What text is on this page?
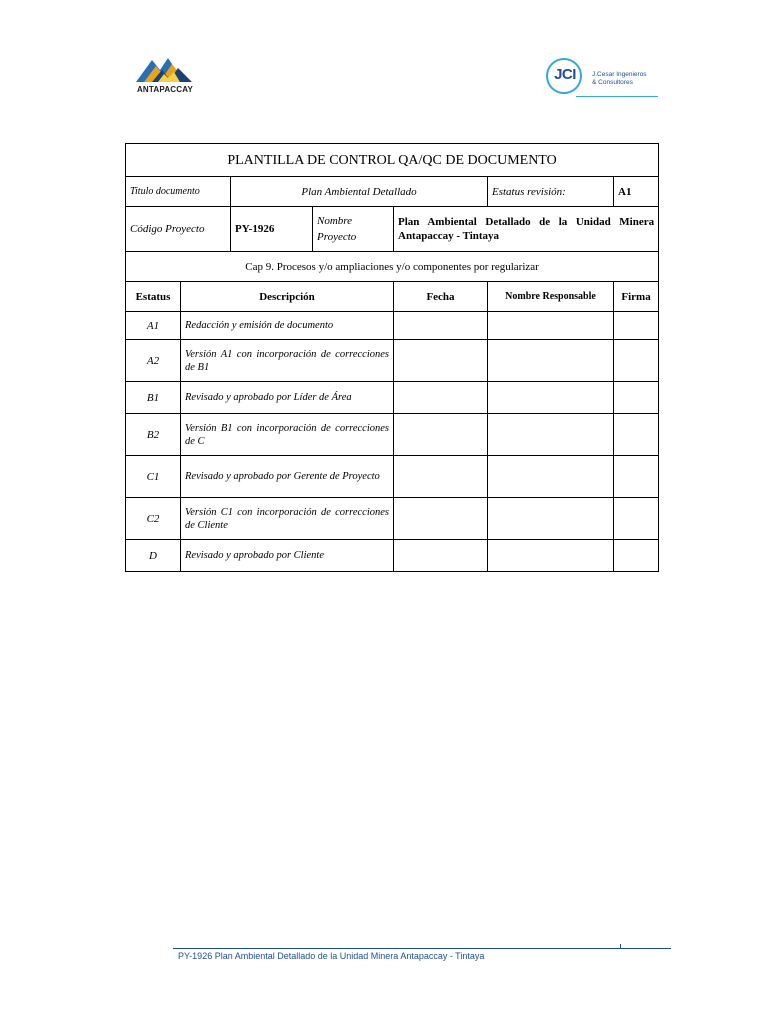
ANTAPACCAY
JCI	J.Cesar Ingenieros
& Consultores
PLANTILLA DE CONTROL QA/QC DE DOCUMENTO						
Titulo documento		Plan Ambiental Detallado			Estatus revisión:	A1
Código Proyecto		PY-1926	Nombre Proyecto	Plan Ambiental Detallado de la Unidad Minera Antapaccay - Tintaya		
Cap 9. Procesos y/o ampliaciones y/o componentes por regularizar						
Estatus	Descripción			Fecha	Nombre Responsable	Firma
A1	Redacción y emisión de documento					
A2	Versión A1 con incorporación de correcciones de B1					
B1	Revisado y aprobado por Líder de Área					
B2	Versión B1 con incorporación de correcciones de C					
C1	Revisado y aprobado por Gerente de Proyecto					
C2	Versión C1 con incorporación de correcciones de Cliente					
D	Revisado y aprobado por Cliente					
PY-1926 Plan Ambiental Detallado de la Unidad Minera Antapaccay - Tintaya
